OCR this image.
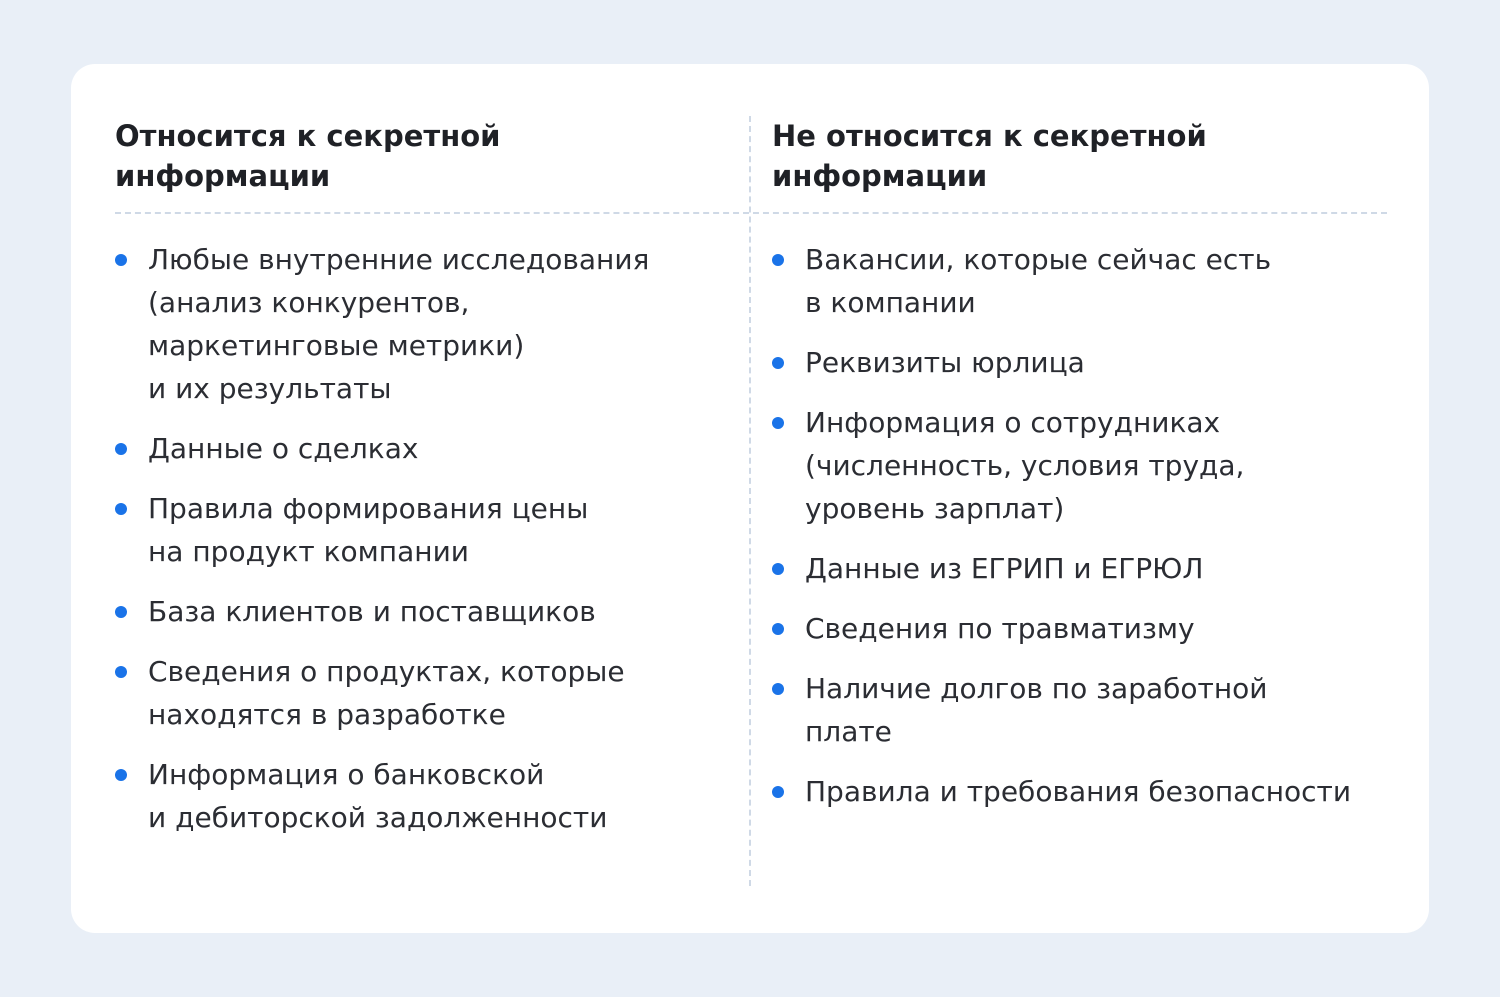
Относится к секретной
информации
Любые внутренние исследования
(анализ конкурентов,
маркетинговые метрики)
и их результаты
Данные о сделках
Правила формирования цены
на продукт компании
База клиентов и поставщиков
Сведения о продуктах, которые
находятся в разработке
Информация о банковской
и дебиторской задолженности
Не относится к секретной
информации
Вакансии, которые сейчас есть
в компании
Реквизиты юрлица
Информация о сотрудниках
(численность, условия труда,
уровень зарплат)
Данные из ЕГРИП и ЕГРЮЛ
Сведения по травматизму
Наличие долгов по заработной
плате
Правила и требования безопасности
